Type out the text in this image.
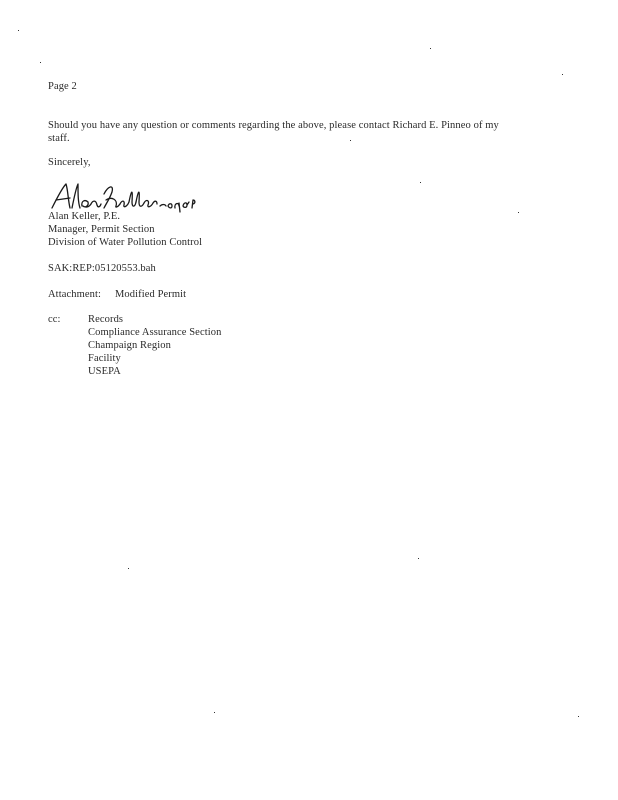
Page 2
Should you have any question or comments regarding the above, please contact Richard E. Pinneo of my
staff.
Sincerely,
Alan Keller, P.E.
Manager, Permit Section
Division of Water Pollution Control
SAK:REP:05120553.bah
Attachment: Modified Permit
cc:	Records
Compliance Assurance Section
Champaign Region
Facility
USEPA
